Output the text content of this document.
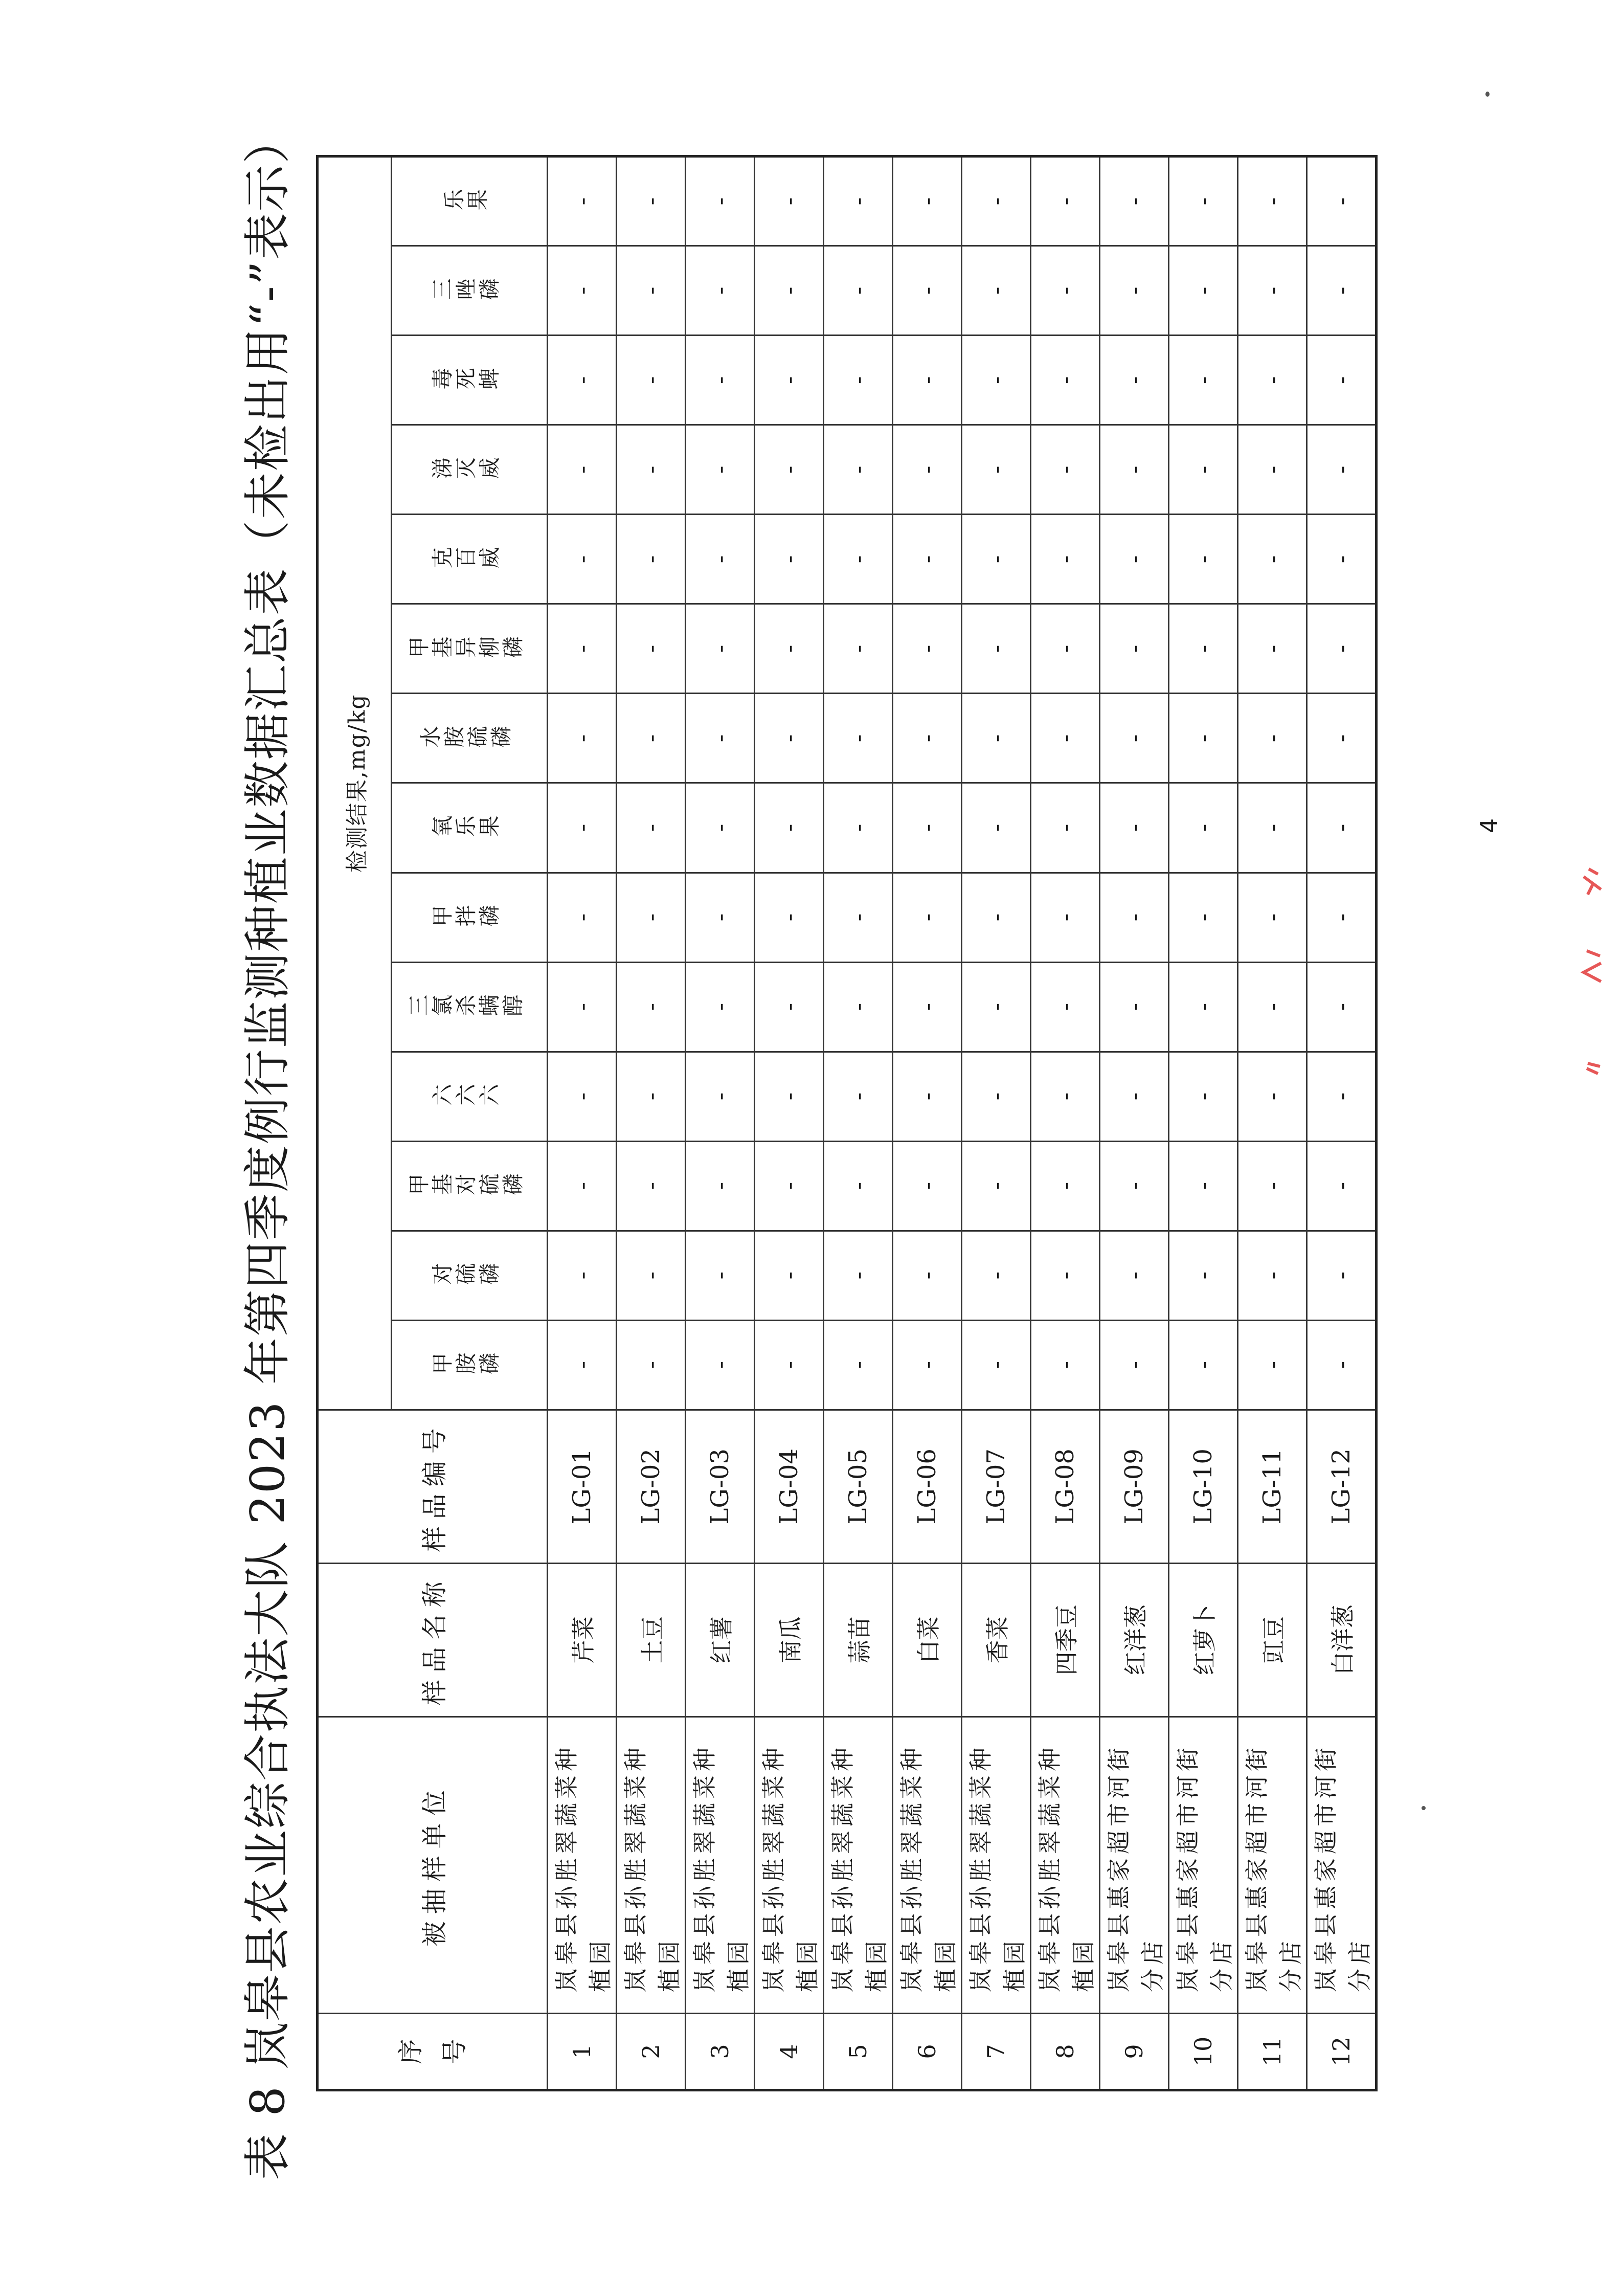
表 8 岚皋县农业综合执法大队 2023 年第四季度例行监测种植业数据汇总表（未检出用“-”表示）	序 号	被抽样单位	样品名称	样品编号	检测结果,mg/kg													
				甲胺磷	对硫磷	甲基对硫磷	六六六	三氯杀螨醇	甲拌磷	氧乐果	水胺硫磷	甲基异柳磷	克百威	涕灭威	毒死蜱	三唑磷	乐果
1	岚皋县孙胜翠蔬菜种植园	芹菜	LG-01	-	-	-	-	-	-	-	-	-	-	-	-	-	-
2	岚皋县孙胜翠蔬菜种植园	土豆	LG-02	-	-	-	-	-	-	-	-	-	-	-	-	-	-
3	岚皋县孙胜翠蔬菜种植园	红薯	LG-03	-	-	-	-	-	-	-	-	-	-	-	-	-	-
4	岚皋县孙胜翠蔬菜种植园	南瓜	LG-04	-	-	-	-	-	-	-	-	-	-	-	-	-	-
5	岚皋县孙胜翠蔬菜种植园	蒜苗	LG-05	-	-	-	-	-	-	-	-	-	-	-	-	-	-
6	岚皋县孙胜翠蔬菜种植园	白菜	LG-06	-	-	-	-	-	-	-	-	-	-	-	-	-	-
7	岚皋县孙胜翠蔬菜种植园	香菜	LG-07	-	-	-	-	-	-	-	-	-	-	-	-	-	-
8	岚皋县孙胜翠蔬菜种植园	四季豆	LG-08	-	-	-	-	-	-	-	-	-	-	-	-	-	-
9	岚皋县惠家超市河街分店	红洋葱	LG-09	-	-	-	-	-	-	-	-	-	-	-	-	-	-
10	岚皋县惠家超市河街分店	红萝卜	LG-10	-	-	-	-	-	-	-	-	-	-	-	-	-	-
11	岚皋县惠家超市河街分店	豇豆	LG-11	-	-	-	-	-	-	-	-	-	-	-	-	-	-
12	岚皋县惠家超市河街分店	白洋葱	LG-12	-	-	-	-	-	-	-	-	-	-	-	-	-	-
4
